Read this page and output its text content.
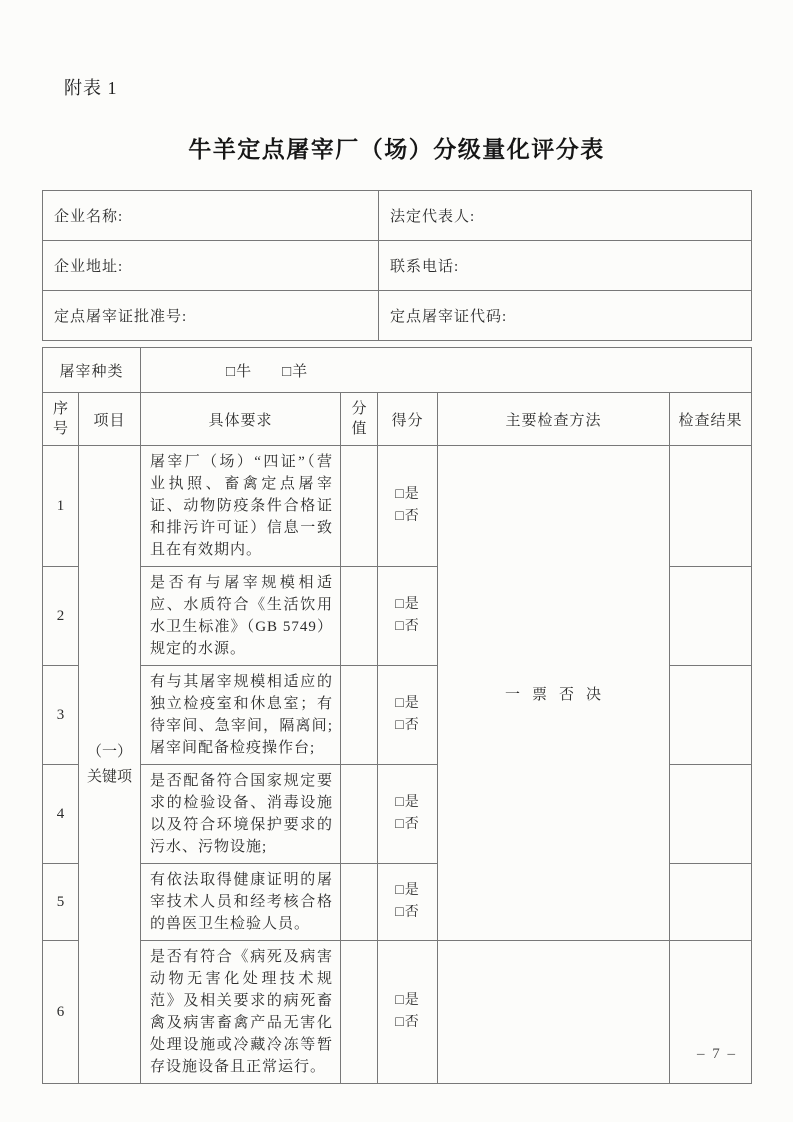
附表 1
牛羊定点屠宰厂（场）分级量化评分表
企业名称:	法定代表人:
企业地址:	联系电话:
定点屠宰证批准号:	定点屠宰证代码:
屠宰种类		□牛 □羊				
序号	项目	具体要求	分值	得分	主要检查方法	检查结果
1	（一）关键项	屠宰厂（场）“四证”（营业执照、畜禽定点屠宰证、动物防疫条件合格证和排污许可证）信息一致且在有效期内。		□是
□否	一票否决	
2		是否有与屠宰规模相适应、水质符合《生活饮用水卫生标准》（GB 5749）规定的水源。		□是
□否		
3		有与其屠宰规模相适应的独立检疫室和休息室；有待宰间、急宰间，隔离间;屠宰间配备检疫操作台;		□是
□否		
4		是否配备符合国家规定要求的检验设备、消毒设施以及符合环境保护要求的污水、污物设施;		□是
□否		
5		有依法取得健康证明的屠宰技术人员和经考核合格的兽医卫生检验人员。		□是
□否		
6		是否有符合《病死及病害动物无害化处理技术规范》及相关要求的病死畜禽及病害畜禽产品无害化处理设施或冷藏冷冻等暂存设施设备且正常运行。		□是
□否		
– 7 –
